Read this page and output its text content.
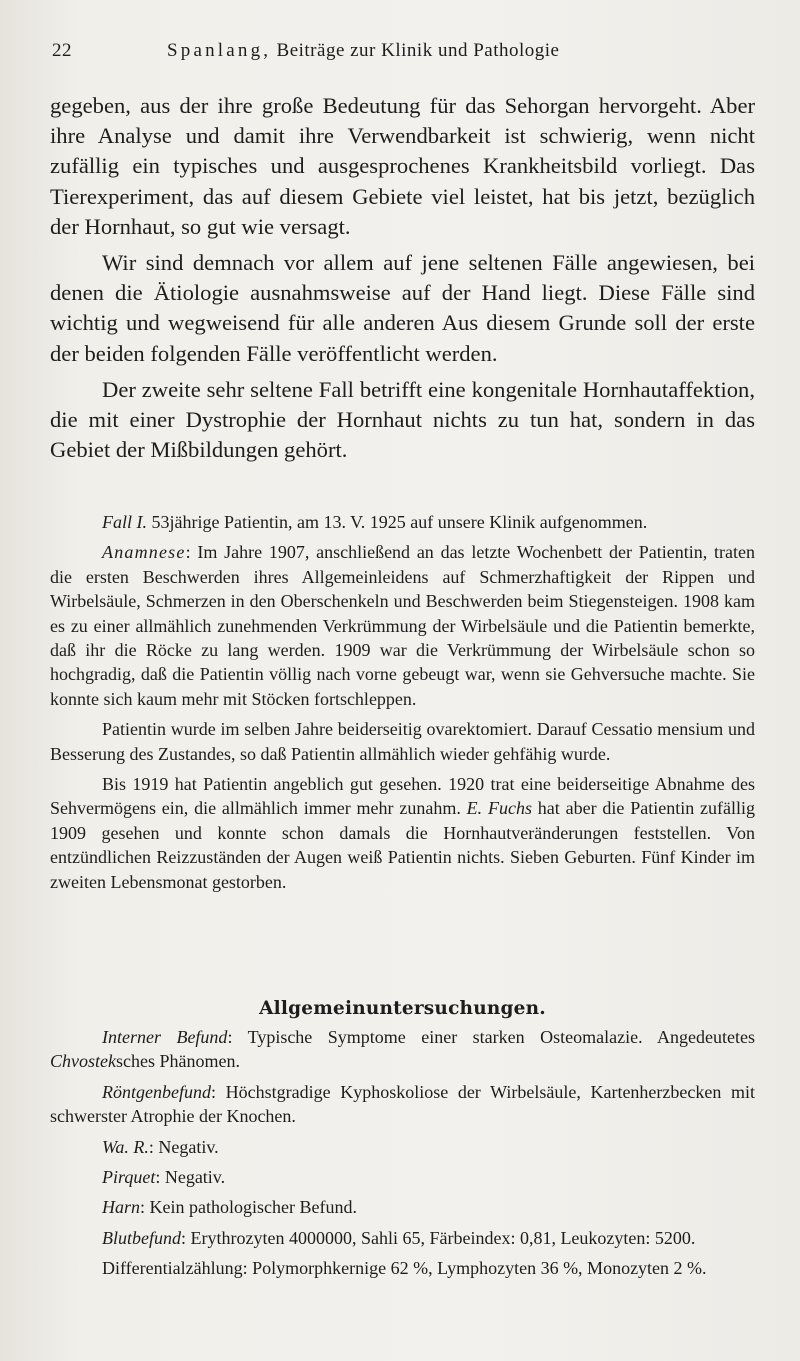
22	Spanlang, Beiträge zur Klinik und Pathologie

gegeben, aus der ihre große Bedeutung für das Sehorgan hervorgeht. Aber ihre Analyse und damit ihre Verwendbarkeit ist schwierig, wenn nicht zufällig ein typisches und ausgesprochenes Krankheitsbild vorliegt. Das Tierexperiment, das auf diesem Gebiete viel leistet, hat bis jetzt, bezüglich der Hornhaut, so gut wie versagt.

Wir sind demnach vor allem auf jene seltenen Fälle angewiesen, bei denen die Ätiologie ausnahmsweise auf der Hand liegt. Diese Fälle sind wichtig und wegweisend für alle anderen Aus diesem Grunde soll der erste der beiden folgenden Fälle veröffentlicht werden.

Der zweite sehr seltene Fall betrifft eine kongenitale Hornhautaffektion, die mit einer Dystrophie der Hornhaut nichts zu tun hat, sondern in das Gebiet der Mißbildungen gehört.

Fall I. 53jährige Patientin, am 13. V. 1925 auf unsere Klinik aufgenommen.

Anamnese: Im Jahre 1907, anschließend an das letzte Wochenbett der Patientin, traten die ersten Beschwerden ihres Allgemeinleidens auf Schmerzhaftigkeit der Rippen und Wirbelsäule, Schmerzen in den Oberschenkeln und Beschwerden beim Stiegensteigen. 1908 kam es zu einer allmählich zunehmenden Verkrümmung der Wirbelsäule und die Patientin bemerkte, daß ihr die Röcke zu lang werden. 1909 war die Verkrümmung der Wirbelsäule schon so hochgradig, daß die Patientin völlig nach vorne gebeugt war, wenn sie Gehversuche machte. Sie konnte sich kaum mehr mit Stöcken fortschleppen.

Patientin wurde im selben Jahre beiderseitig ovarektomiert. Darauf Cessatio mensium und Besserung des Zustandes, so daß Patientin allmählich wieder gehfähig wurde.

Bis 1919 hat Patientin angeblich gut gesehen. 1920 trat eine beiderseitige Abnahme des Sehvermögens ein, die allmählich immer mehr zunahm. E. Fuchs hat aber die Patientin zufällig 1909 gesehen und konnte schon damals die Hornhautveränderungen feststellen. Von entzündlichen Reizzuständen der Augen weiß Patientin nichts. Sieben Geburten. Fünf Kinder im zweiten Lebensmonat gestorben.

Allgemeinuntersuchungen.

Interner Befund: Typische Symptome einer starken Osteomalazie. Angedeutetes Chvosteksches Phänomen.

Röntgenbefund: Höchstgradige Kyphoskoliose der Wirbelsäule, Kartenherzbecken mit schwerster Atrophie der Knochen.

Wa. R.: Negativ.

Pirquet: Negativ.

Harn: Kein pathologischer Befund.

Blutbefund: Erythrozyten 4000000, Sahli 65, Färbeindex: 0,81, Leukozyten: 5200.

Differentialzählung: Polymorphkernige 62 %, Lymphozyten 36 %, Monozyten 2 %.
